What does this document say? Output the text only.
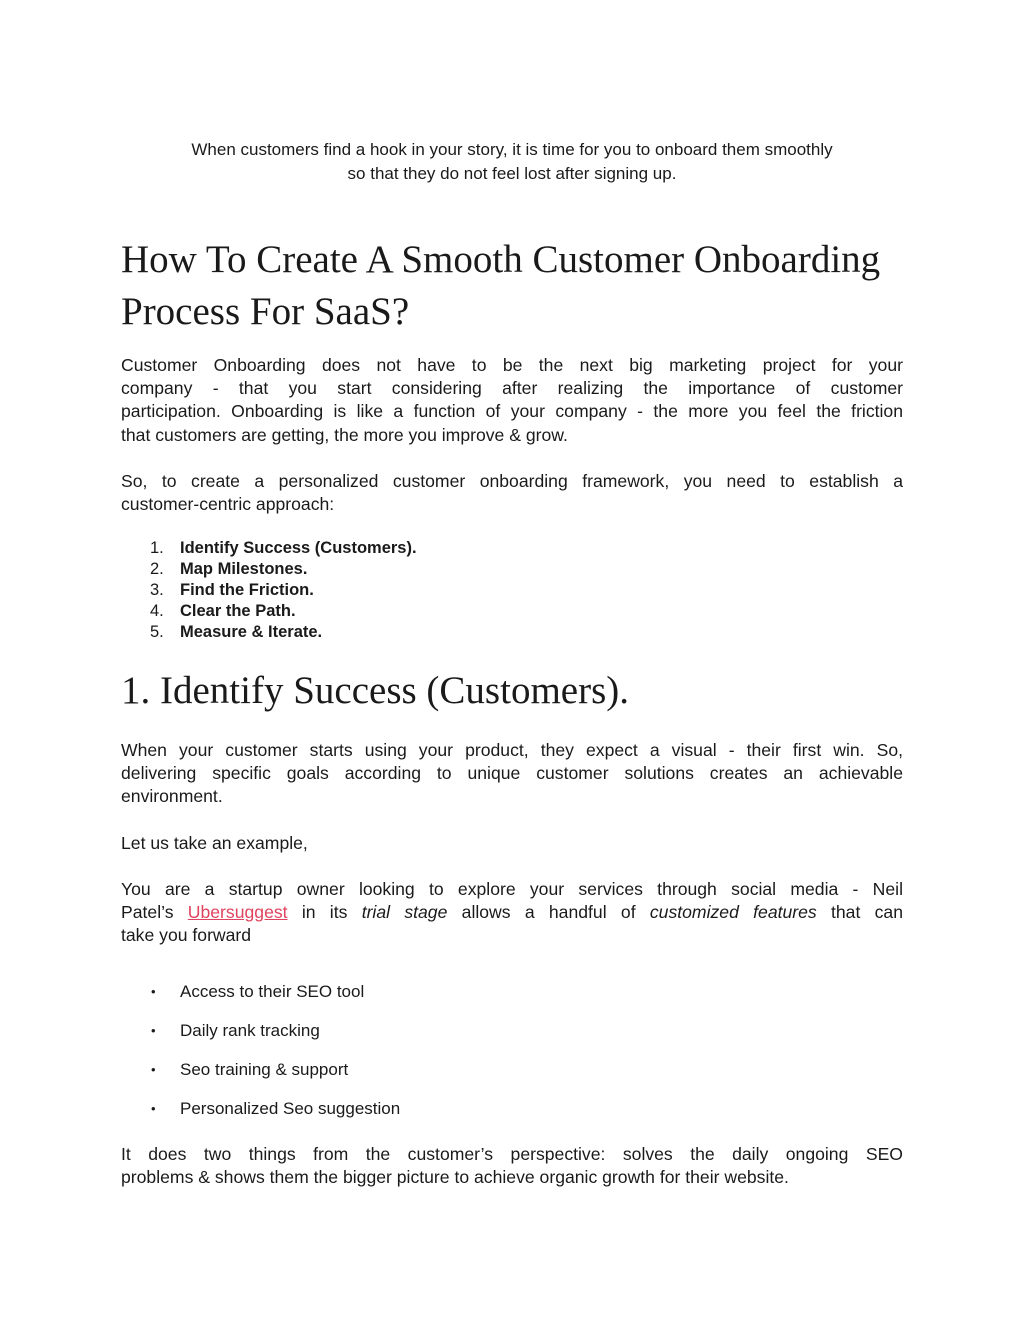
When customers find a hook in your story, it is time for you to onboard them smoothly
so that they do not feel lost after signing up.

How To Create A Smooth Customer Onboarding
Process For SaaS?

Customer Onboarding does not have to be the next big marketing project for your
company - that you start considering after realizing the importance of customer
participation. Onboarding is like a function of your company - the more you feel the friction
that customers are getting, the more you improve & grow.

So, to create a personalized customer onboarding framework, you need to establish a
customer-centric approach:

1. Identify Success (Customers).
2. Map Milestones.
3. Find the Friction.
4. Clear the Path.
5. Measure & Iterate.
1. Identify Success (Customers).

When your customer starts using your product, they expect a visual - their first win. So,
delivering specific goals according to unique customer solutions creates an achievable
environment.

Let us take an example,

You are a startup owner looking to explore your services through social media - Neil
Patel’s Ubersuggest in its trial stage allows a handful of customized features that can
take you forward

• Access to their SEO tool
• Daily rank tracking
• Seo training & support
• Personalized Seo suggestion

It does two things from the customer’s perspective: solves the daily ongoing SEO
problems & shows them the bigger picture to achieve organic growth for their website.
